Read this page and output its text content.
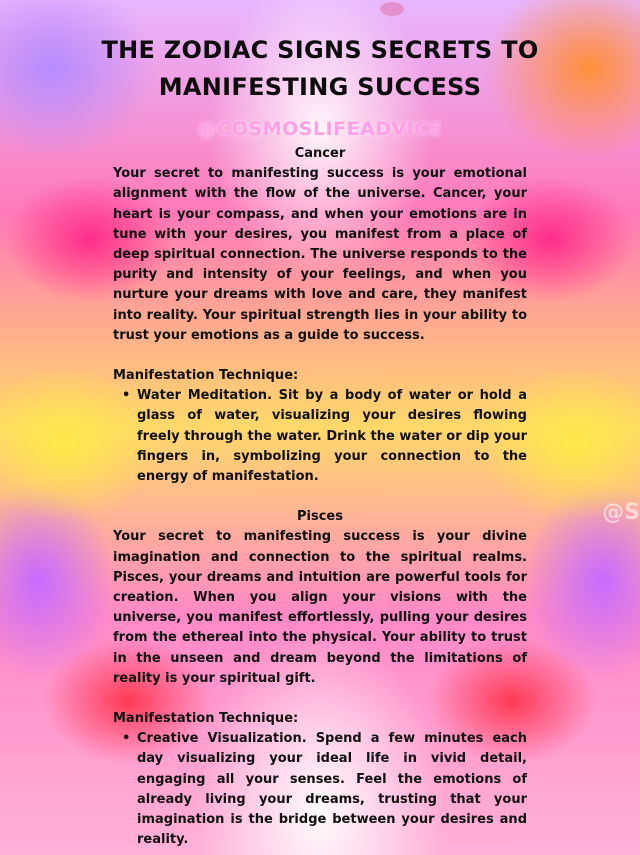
THE ZODIAC SIGNS SECRETS TO MANIFESTING SUCCESS
@COSMOSLIFEADVICE
@S

Cancer

Your secret to manifesting success is your emotional alignment with the flow of the universe. Cancer, your heart is your compass, and when your emotions are in tune with your desires, you manifest from a place of deep spiritual connection. The universe responds to the purity and intensity of your feelings, and when you nurture your dreams with love and care, they manifest into reality. Your spiritual strength lies in your ability to trust your emotions as a guide to success.

Manifestation Technique:

• Water Meditation. Sit by a body of water or hold a glass of water, visualizing your desires flowing freely through the water. Drink the water or dip your fingers in, symbolizing your connection to the energy of manifestation.

Pisces

Your secret to manifesting success is your divine imagination and connection to the spiritual realms. Pisces, your dreams and intuition are powerful tools for creation. When you align your visions with the universe, you manifest effortlessly, pulling your desires from the ethereal into the physical. Your ability to trust in the unseen and dream beyond the limitations of reality is your spiritual gift.

Manifestation Technique:

• Creative Visualization. Spend a few minutes each day visualizing your ideal life in vivid detail, engaging all your senses. Feel the emotions of already living your dreams, trusting that your imagination is the bridge between your desires and reality.
